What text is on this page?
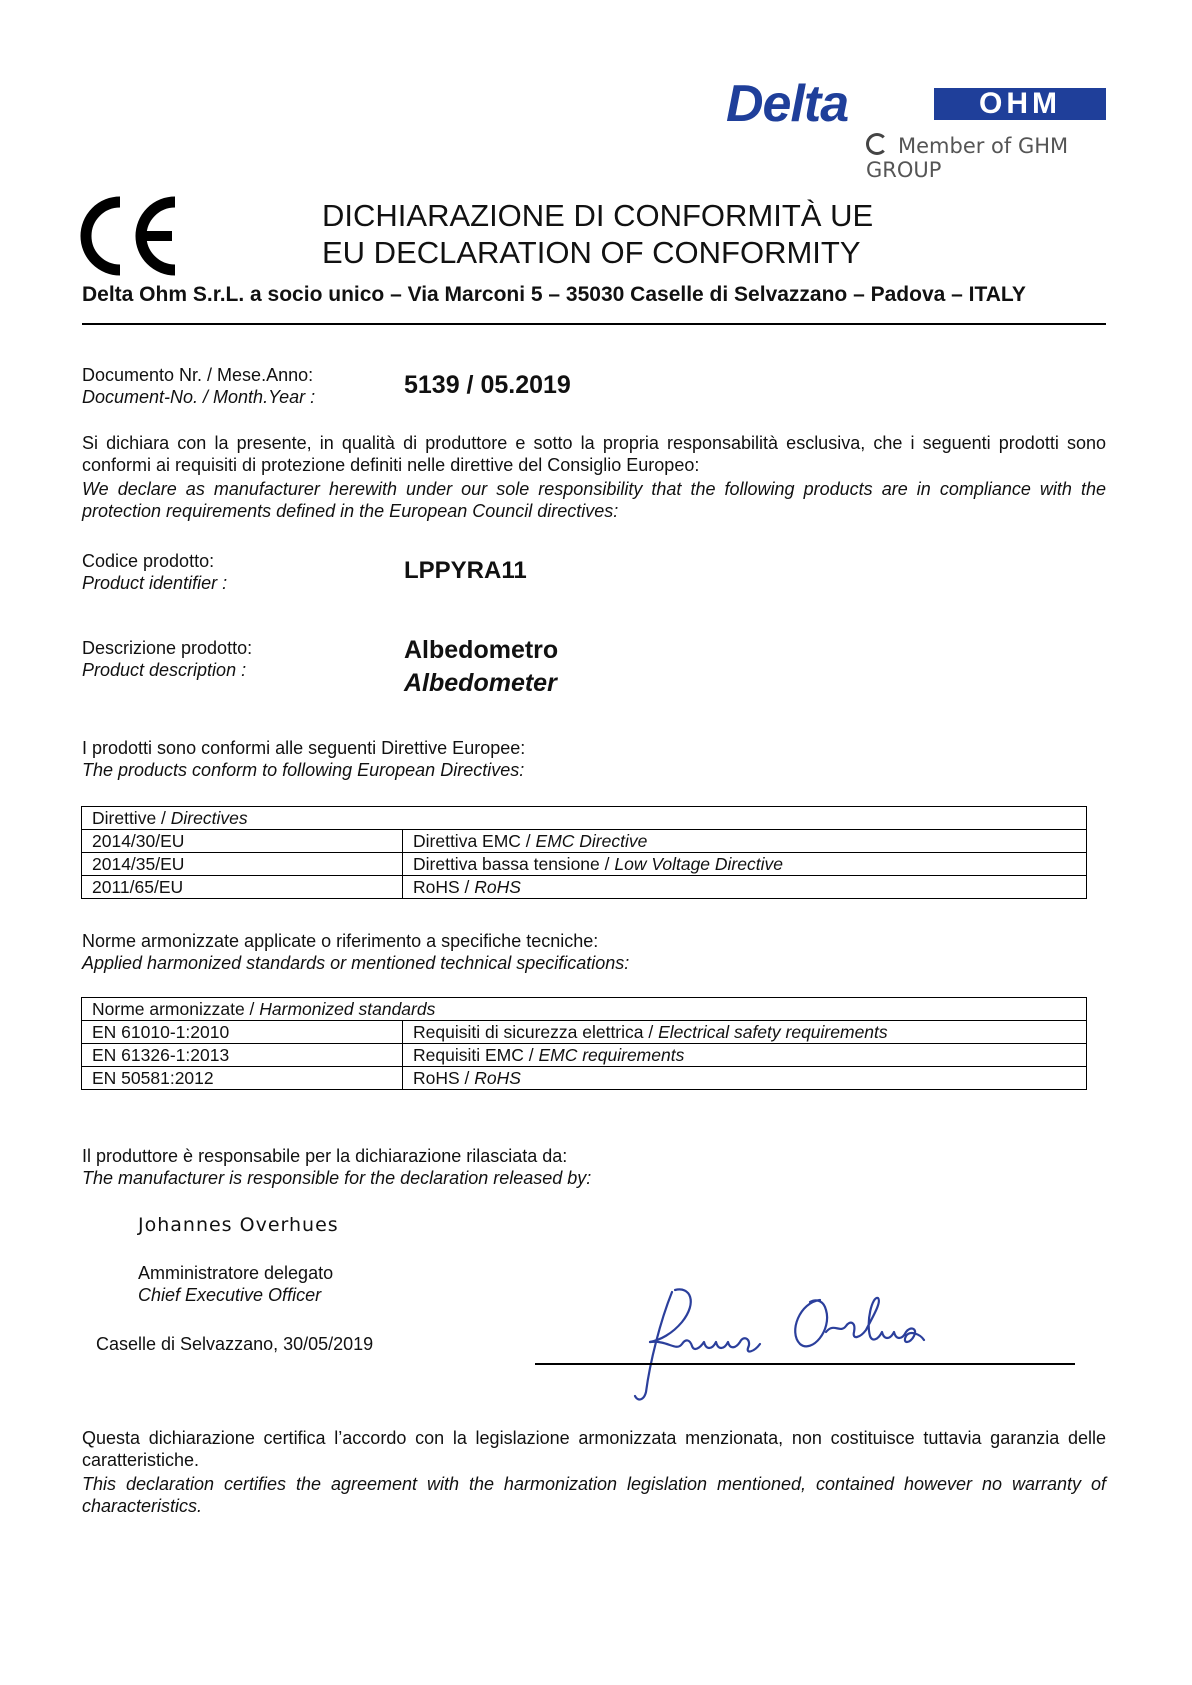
Delta	OHM
Member of GHM GROUP
DICHIARAZIONE DI CONFORMITÀ UE
EU DECLARATION OF CONFORMITY
Delta Ohm S.r.L. a socio unico – Via Marconi 5 – 35030 Caselle di Selvazzano – Padova – ITALY
Documento Nr. / Mese.Anno:
Document-No. / Month.Year :	5139 / 05.2019
Si dichiara con la presente, in qualità di produttore e sotto la propria responsabilità esclusiva, che i seguenti prodotti sono conformi ai requisiti di protezione definiti nelle direttive del Consiglio Europeo:
We declare as manufacturer herewith under our sole responsibility that the following products are in compliance with the protection requirements defined in the European Council directives:
Codice prodotto:
Product identifier :	LPPYRA11
Descrizione prodotto:
Product description :
Albedometro
Albedometer
I prodotti sono conformi alle seguenti Direttive Europee:
The products conform to following European Directives:
Direttive / Directives	
2014/30/EU	Direttiva EMC / EMC Directive
2014/35/EU	Direttiva bassa tensione / Low Voltage Directive
2011/65/EU	RoHS / RoHS
Norme armonizzate applicate o riferimento a specifiche tecniche:
Applied harmonized standards or mentioned technical specifications:
Norme armonizzate / Harmonized standards	
EN 61010-1:2010	Requisiti di sicurezza elettrica / Electrical safety requirements
EN 61326-1:2013	Requisiti EMC / EMC requirements
EN 50581:2012	RoHS / RoHS
Il produttore è responsabile per la dichiarazione rilasciata da:
The manufacturer is responsible for the declaration released by:
Johannes Overhues
Amministratore delegato
Chief Executive Officer
Caselle di Selvazzano, 30/05/2019
Questa dichiarazione certifica l’accordo con la legislazione armonizzata menzionata, non costituisce tuttavia garanzia delle caratteristiche.
This declaration certifies the agreement with the harmonization legislation mentioned, contained however no warranty of characteristics.
